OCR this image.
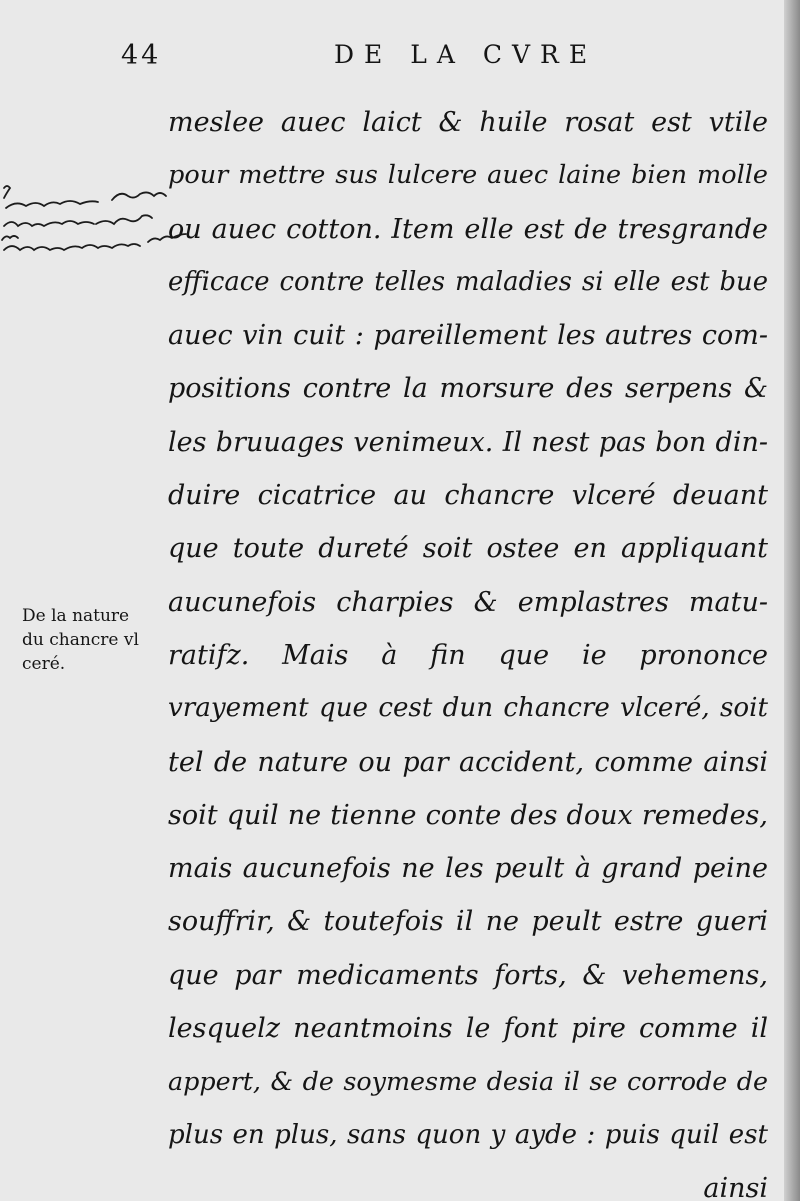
44	DE LA CVRE
De la nature
du chancre vl
ceré.
meslee auec laict & huile rosat est vtile
pour mettre sus lulcere auec laine bien molle
ou auec cotton. Item elle est de tresgrande
efficace contre telles maladies si elle est bue
auec vin cuit : pareillement les autres com-
positions contre la morsure des serpens &
les bruuages venimeux. Il nest pas bon din-
duire cicatrice au chancre vlceré deuant
que toute dureté soit ostee en appliquant
aucunefois charpies & emplastres matu-
ratifz. Mais à fin que ie prononce
vrayement que cest dun chancre vlceré, soit
tel de nature ou par accident, comme ainsi
soit quil ne tienne conte des doux remedes,
mais aucunefois ne les peult à grand peine
souffrir, & toutefois il ne peult estre gueri
que par medicaments forts, & vehemens,
lesquelz neantmoins le font pire comme il
appert, & de soymesme desia il se corrode de
plus en plus, sans quon y ayde : puis quil est
ainsi
